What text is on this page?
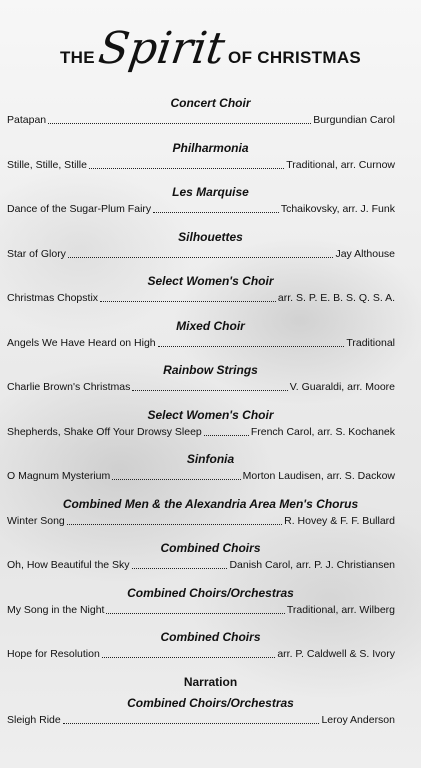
THE Spirit OF CHRISTMAS
Concert Choir
Patapan	Burgundian Carol
Philharmonia
Stille, Stille, Stille	Traditional, arr. Curnow
Les Marquise
Dance of the Sugar-Plum Fairy	Tchaikovsky, arr. J. Funk
Silhouettes
Star of Glory	Jay Althouse
Select Women's Choir
Christmas Chopstix	arr. S. P. E. B. S. Q. S. A.
Mixed Choir
Angels We Have Heard on High	Traditional
Rainbow Strings
Charlie Brown's Christmas	V. Guaraldi, arr. Moore
Select Women's Choir
Shepherds, Shake Off Your Drowsy Sleep	French Carol, arr. S. Kochanek
Sinfonia
O Magnum Mysterium	Morton Laudisen, arr. S. Dackow
Combined Men & the Alexandria Area Men's Chorus
Winter Song	R. Hovey & F. F. Bullard
Combined Choirs
Oh, How Beautiful the Sky	Danish Carol, arr. P. J. Christiansen
Combined Choirs/Orchestras
My Song in the Night	Traditional, arr. Wilberg
Combined Choirs
Hope for Resolution	arr. P. Caldwell & S. Ivory
Narration
Combined Choirs/Orchestras
Sleigh Ride	Leroy Anderson
